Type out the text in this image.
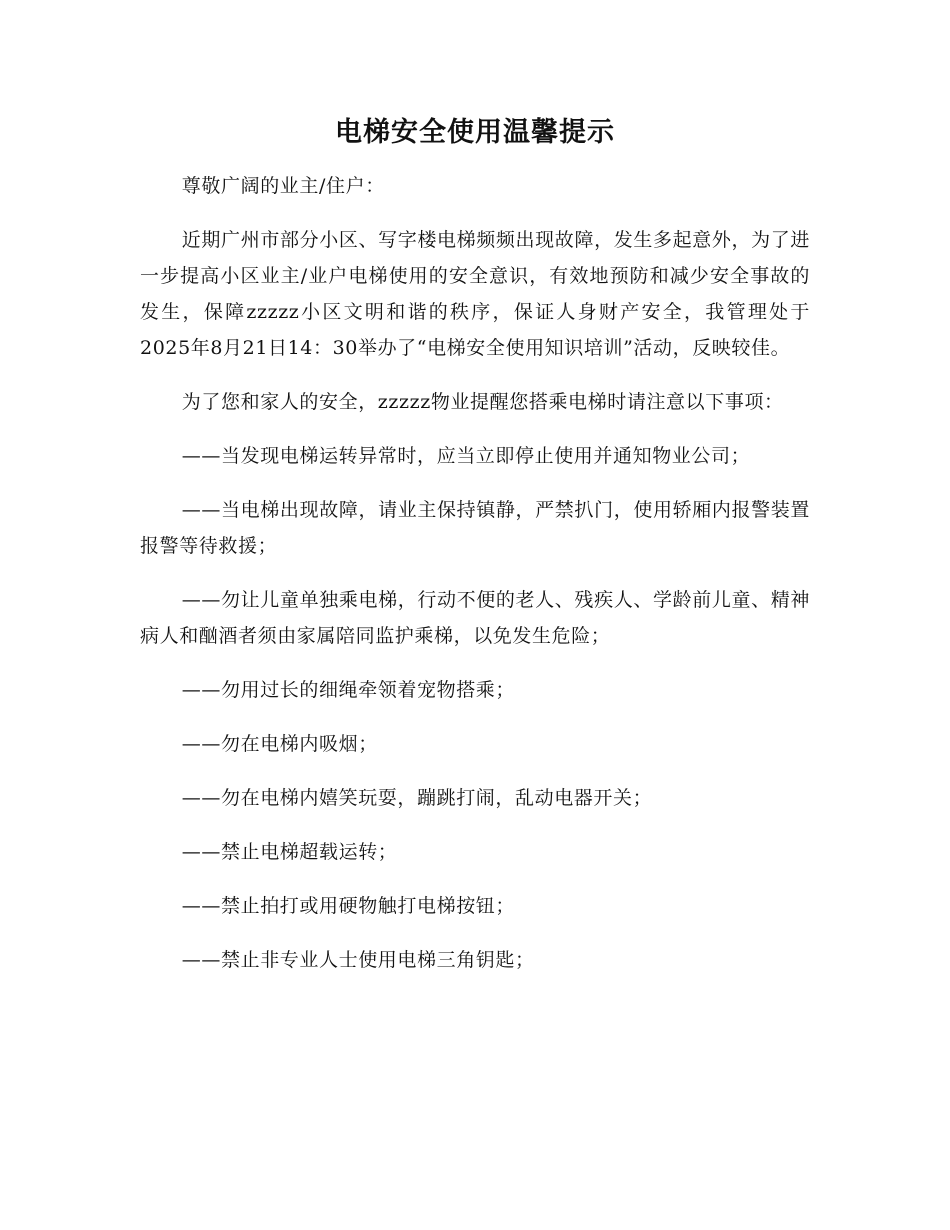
电梯安全使用温馨提示

尊敬广阔的业主/住户：

近期广州市部分小区、写字楼电梯频频出现故障，发生多起意外，为了进一步提高小区业主/业户电梯使用的安全意识，有效地预防和减少安全事故的发生，保障zzzzz小区文明和谐的秩序，保证人身财产安全，我管理处于2025年8月21日14：30举办了“电梯安全使用知识培训”活动，反映较佳。

为了您和家人的安全，zzzzz物业提醒您搭乘电梯时请注意以下事项：

——当发现电梯运转异常时，应当立即停止使用并通知物业公司；

——当电梯出现故障，请业主保持镇静，严禁扒门，使用轿厢内报警装置报警等待救援；

——勿让儿童单独乘电梯，行动不便的老人、残疾人、学龄前儿童、精神病人和酗酒者须由家属陪同监护乘梯，以免发生危险；

——勿用过长的细绳牵领着宠物搭乘；

——勿在电梯内吸烟；

——勿在电梯内嬉笑玩耍，蹦跳打闹，乱动电器开关；

——禁止电梯超载运转；

——禁止拍打或用硬物触打电梯按钮；

——禁止非专业人士使用电梯三角钥匙；
